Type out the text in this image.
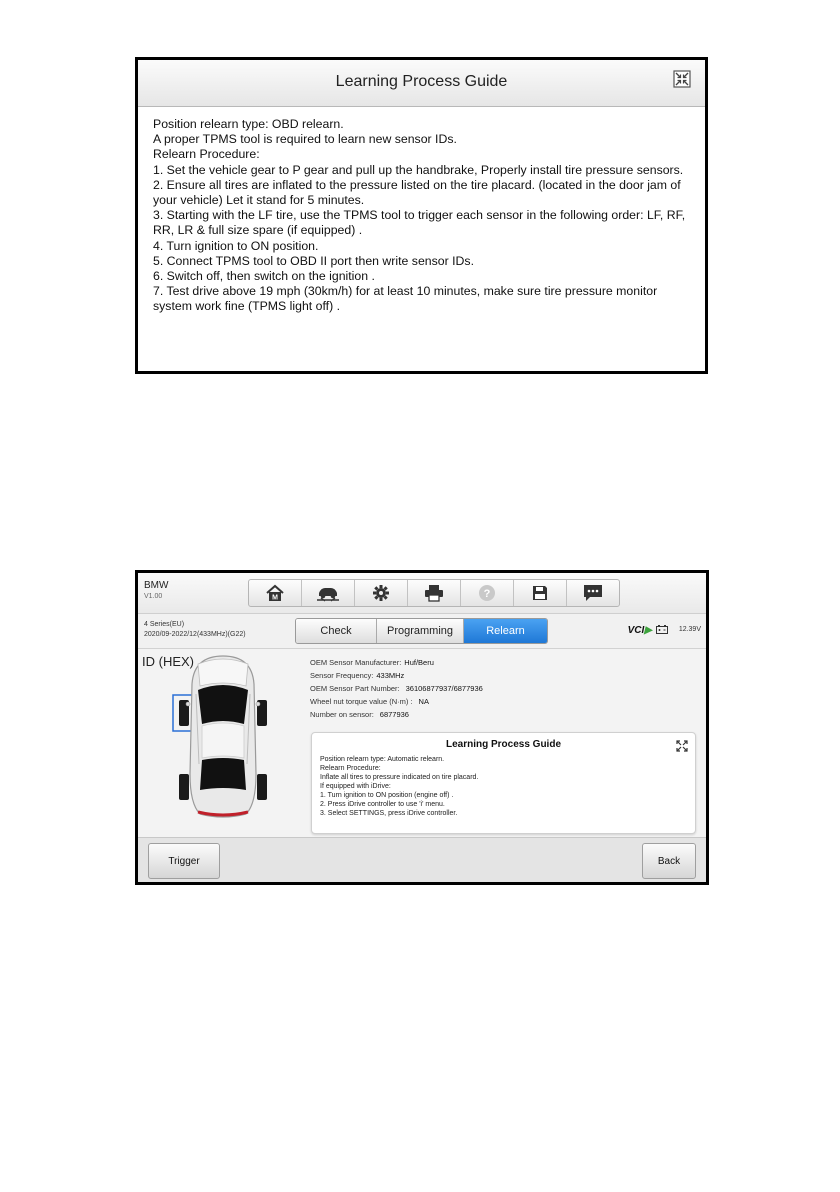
Learning Process Guide
Position relearn type: OBD relearn.
A proper TPMS tool is required to learn new sensor IDs.
Relearn Procedure:
1. Set the vehicle gear to P gear and pull up the handbrake, Properly install tire pressure sensors.
2. Ensure all tires are inflated to the pressure listed on the tire placard. (located in the door jam of your vehicle) Let it stand for 5 minutes.
3. Starting with the LF tire, use the TPMS tool to trigger each sensor in the following order: LF, RF, RR, LR & full size spare (if equipped) .
4. Turn ignition to ON position.
5. Connect TPMS tool to OBD II port then write sensor IDs.
6. Switch off, then switch on the ignition .
7. Test drive above 19 mph (30km/h) for at least 10 minutes, make sure tire pressure monitor system work fine (TPMS light off) .
BMW
V1.00	M	?
4 Series(EU)
2020/09-2022/12(433MHz)(G22)	Check	Programming	Relearn	VCI▶	12.39V
ID (HEX)	OEM Sensor Manufacturer: Huf/Beru
Sensor Frequency: 433MHz
OEM Sensor Part Number: 36106877937/6877936
Wheel nut torque value (N·m) : NA
Number on sensor: 6877936
Learning Process Guide
Position relearn type: Automatic relearn.
Relearn Procedure:
Inflate all tires to pressure indicated on tire placard.
If equipped with iDrive:
1. Turn ignition to ON position (engine off) .
2. Press iDrive controller to use 'i' menu.
3. Select SETTINGS, press iDrive controller.
Trigger	Back
